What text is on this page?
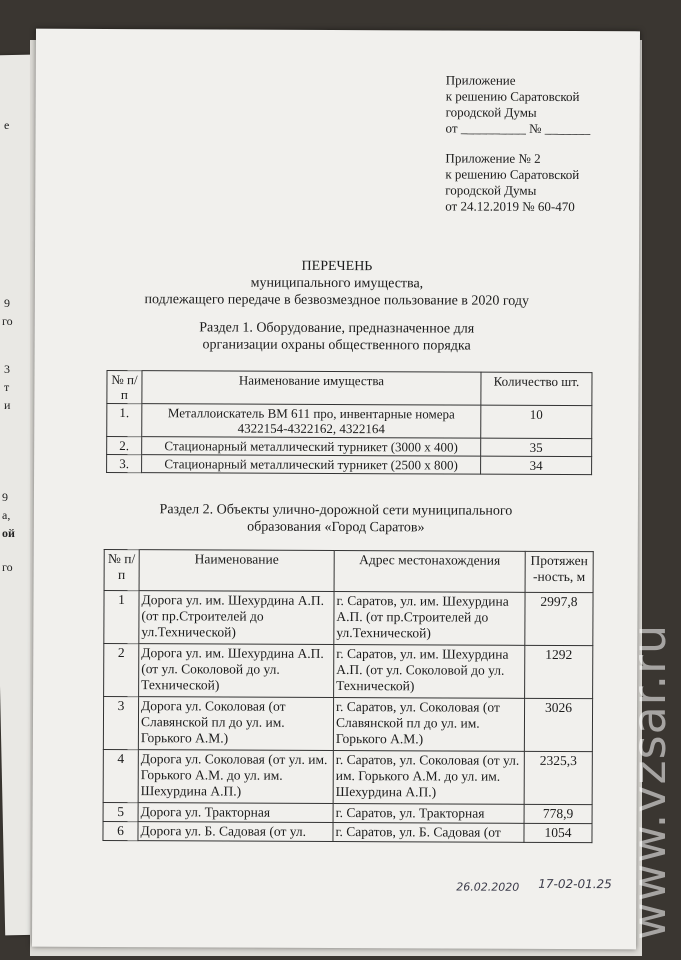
e
9
го
3
т
и
9
а,
ой
го
Приложение
к решению Саратовской
городской Думы
от __________ № _______
Приложение № 2
к решению Саратовской
городской Думы
от 24.12.2019 № 60-470
ПЕРЕЧЕНЬ
муниципального имущества,
подлежащего передаче в безвозмездное пользование в 2020 году
Раздел 1. Оборудование, предназначенное для
организации охраны общественного порядка
№ п/п	Наименование имущества	Количество шт.
1.	Металлоискатель ВМ 611 про, инвентарные номера 4322154-4322162, 4322164	10
2.	Стационарный металлический турникет (3000 х 400)	35
3.	Стационарный металлический турникет (2500 х 800)	34
Раздел 2. Объекты улично-дорожной сети муниципального
образования «Город Саратов»
№ п/п	Наименование	Адрес местонахождения	Протяжен -ность, м
1	Дорога ул. им. Шехурдина А.П. (от пр.Строителей до ул.Технической)	г. Саратов, ул. им. Шехурдина А.П. (от пр.Строителей до ул.Технической)	2997,8
2	Дорога ул. им. Шехурдина А.П. (от ул. Соколовой до ул. Технической)	г. Саратов, ул. им. Шехурдина А.П. (от ул. Соколовой до ул. Технической)	1292
3	Дорога ул. Соколовая (от Славянской пл до ул. им. Горького А.М.)	г. Саратов, ул. Соколовая (от Славянской пл до ул. им. Горького А.М.)	3026
4	Дорога ул. Соколовая (от ул. им. Горького А.М. до ул. им. Шехурдина А.П.)	г. Саратов, ул. Соколовая (от ул. им. Горького А.М. до ул. им. Шехурдина А.П.)	2325,3
5	Дорога ул. Тракторная	г. Саратов, ул. Тракторная	778,9
6	Дорога ул. Б. Садовая (от ул.	г. Саратов, ул. Б. Садовая (от	1054
26.02.2020 17-02-01.25 www.vzsar.ru
